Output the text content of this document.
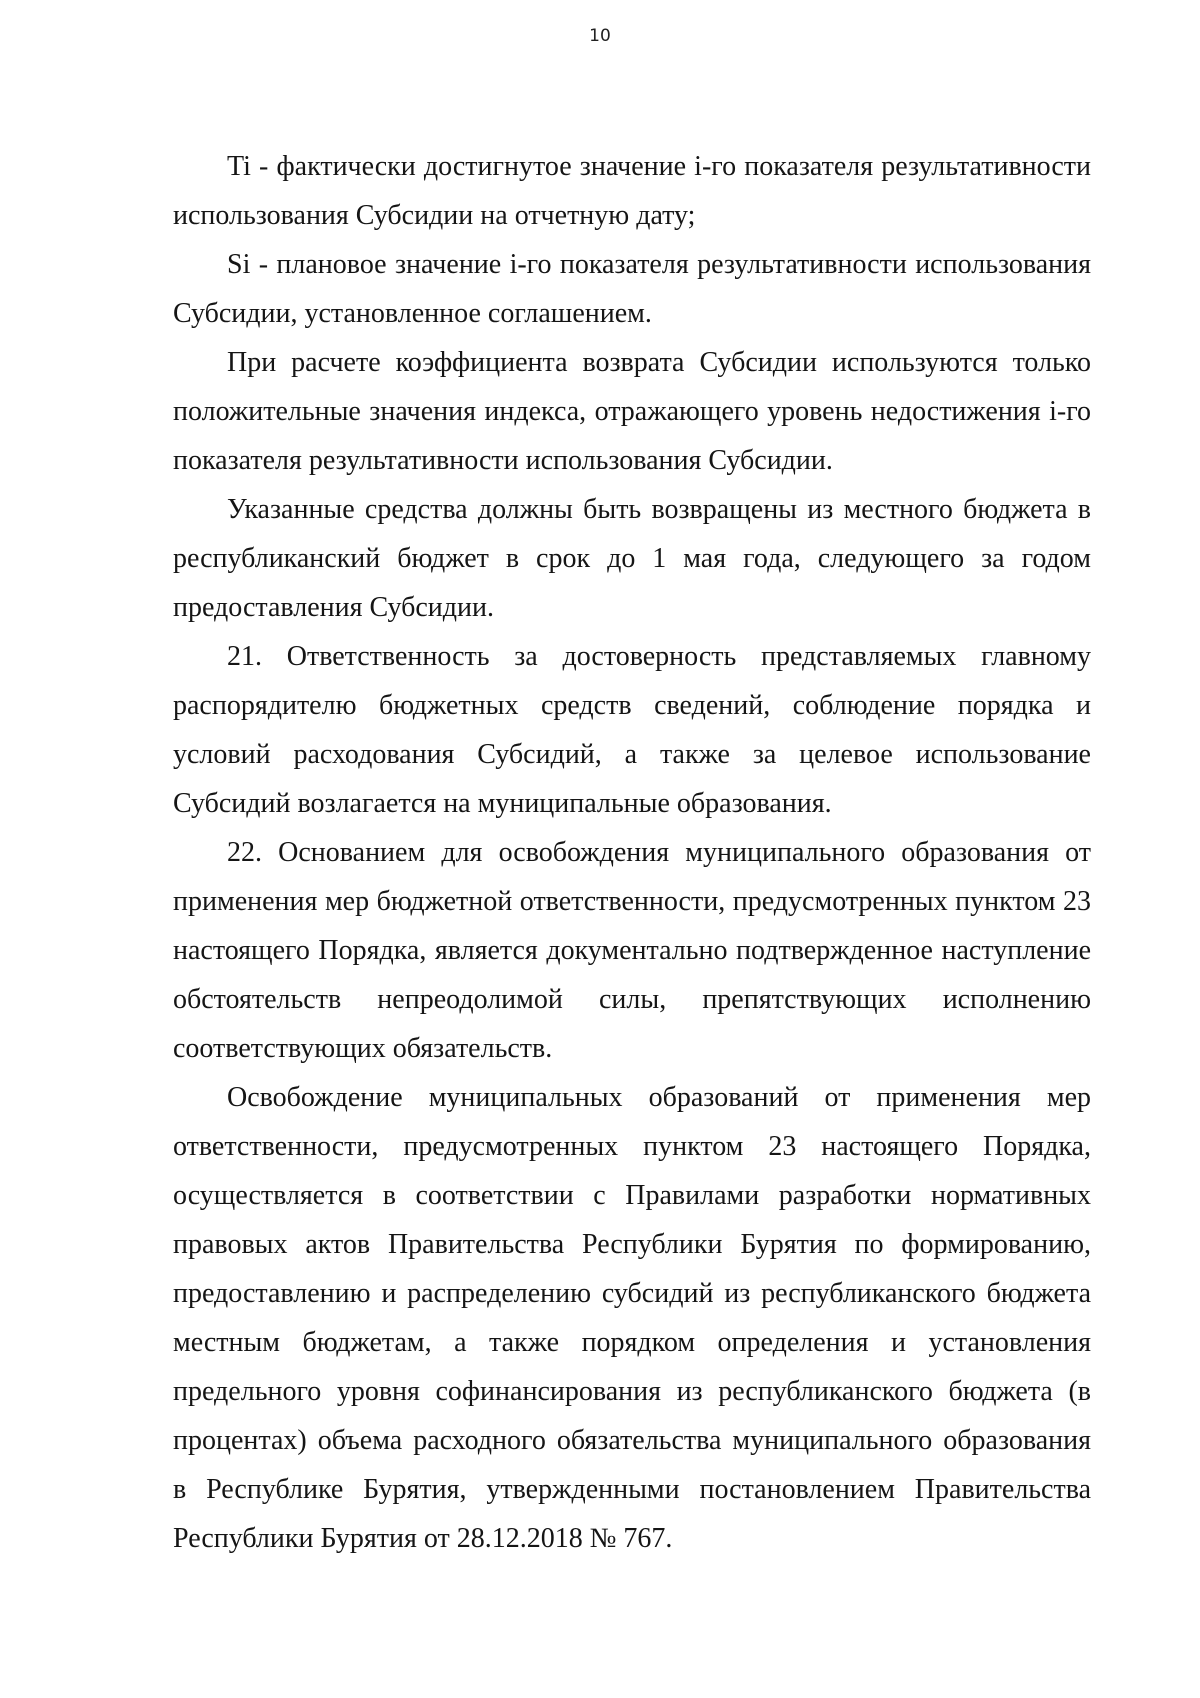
10

Ti - фактически достигнутое значение i-го показателя результативности использования Субсидии на отчетную дату;

Si - плановое значение i-го показателя результативности использования Субсидии, установленное соглашением.

При расчете коэффициента возврата Субсидии используются только положительные значения индекса, отражающего уровень недостижения i-го показателя результативности использования Субсидии.

Указанные средства должны быть возвращены из местного бюджета в республиканский бюджет в срок до 1 мая года, следующего за годом предоставления Субсидии.

21. Ответственность за достоверность представляемых главному распорядителю бюджетных средств сведений, соблюдение порядка и условий расходования Субсидий, а также за целевое использование Субсидий возлагается на муниципальные образования.

22. Основанием для освобождения муниципального образования от применения мер бюджетной ответственности, предусмотренных пунктом 23 настоящего Порядка, является документально подтвержденное наступление обстоятельств непреодолимой силы, препятствующих исполнению соответствующих обязательств.

Освобождение муниципальных образований от применения мер ответственности, предусмотренных пунктом 23 настоящего Порядка, осуществляется в соответствии с Правилами разработки нормативных правовых актов Правительства Республики Бурятия по формированию, предоставлению и распределению субсидий из республиканского бюджета местным бюджетам, а также порядком определения и установления предельного уровня софинансирования из республиканского бюджета (в процентах) объема расходного обязательства муниципального образования в Республике Бурятия, утвержденными постановлением Правительства Республики Бурятия от 28.12.2018 № 767.
